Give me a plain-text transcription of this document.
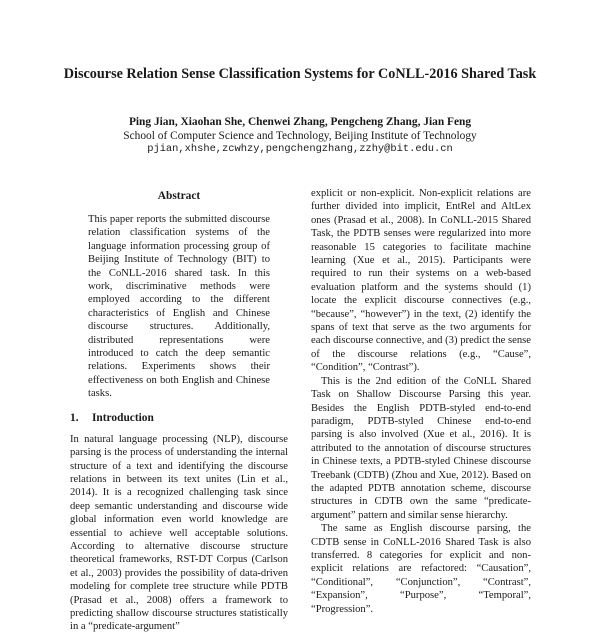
Discourse Relation Sense Classification Systems for CoNLL-2016 Shared Task
Ping Jian, Xiaohan She, Chenwei Zhang, Pengcheng Zhang, Jian Feng
School of Computer Science and Technology, Beijing Institute of Technology
pjian,xhshe,zcwhzy,pengchengzhang,zzhy@bit.edu.cn
Abstract

This paper reports the submitted discourse relation classification systems of the language information processing group of Beijing Institute of Technology (BIT) to the CoNLL-2016 shared task. In this work, discriminative methods were employed according to the different characteristics of English and Chinese discourse structures. Additionally, distributed representations were introduced to catch the deep semantic relations. Experiments shows their effectiveness on both English and Chinese tasks.

1. Introduction

In natural language processing (NLP), discourse parsing is the process of understanding the internal structure of a text and identifying the discourse relations in between its text unites (Lin et al., 2014). It is a recognized challenging task since deep semantic understanding and discourse wide global information even world knowledge are essential to achieve well acceptable solutions. According to alternative discourse structure theoretical frameworks, RST-DT Corpus (Carlson et al., 2003) provides the possibility of data-driven modeling for complete tree structure while PDTB (Prasad et al., 2008) offers a framework to predicting shallow discourse structures statistically in a “predicate-argument”

explicit or non-explicit. Non-explicit relations are further divided into implicit, EntRel and AltLex ones (Prasad et al., 2008). In CoNLL-2015 Shared Task, the PDTB senses were regularized into more reasonable 15 categories to facilitate machine learning (Xue et al., 2015). Participants were required to run their systems on a web-based evaluation platform and the systems should (1) locate the explicit discourse connectives (e.g., “because”, “however”) in the text, (2) identify the spans of text that serve as the two arguments for each discourse connective, and (3) predict the sense of the discourse relations (e.g., “Cause”, “Condition”, “Contrast”).

This is the 2nd edition of the CoNLL Shared Task on Shallow Discourse Parsing this year. Besides the English PDTB-styled end-to-end paradigm, PDTB-styled Chinese end-to-end parsing is also involved (Xue et al., 2016). It is attributed to the annotation of discourse structures in Chinese texts, a PDTB-styled Chinese discourse Treebank (CDTB) (Zhou and Xue, 2012). Based on the adapted PDTB annotation scheme, discourse structures in CDTB own the same “predicate-argument” pattern and similar sense hierarchy.

The same as English discourse parsing, the CDTB sense in CoNLL-2016 Shared Task is also transferred. 8 categories for explicit and non-explicit relations are refactored: “Causation”, “Conditional”, “Conjunction”, “Contrast”, “Expansion”, “Purpose”, “Temporal”, “Progression”.
